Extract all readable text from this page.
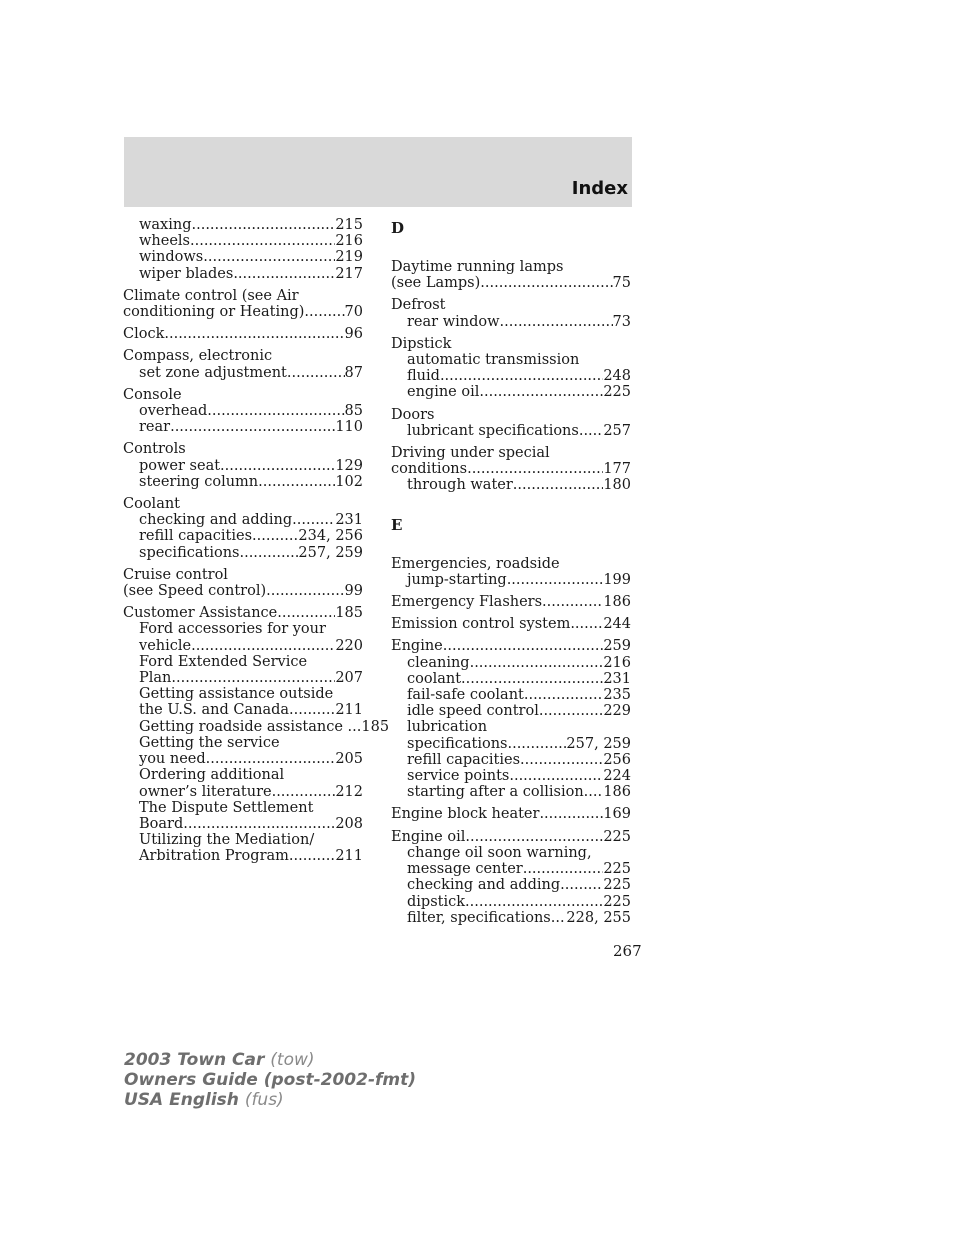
Index
waxing .....	215
wheels .....	216
windows .....	219
wiper blades .....	217
Climate control (see Air
conditioning or Heating) .....	70
Clock .....	96
Compass, electronic
set zone adjustment .....	87
Console
overhead .....	85
rear .....	110
Controls
power seat .....	129
steering column .....	102
Coolant
checking and adding .....	231
refill capacities .....	234, 256
specifications .....	257, 259
Cruise control
(see Speed control) .....	99
Customer Assistance .....	185
Ford accessories for your
vehicle .....	220
Ford Extended Service
Plan .....	207
Getting assistance outside
the U.S. and Canada .....	211
Getting roadside assistance ... 185
Getting the service
you need .....	205
Ordering additional
owner’s literature .....	212
The Dispute Settlement
Board .....	208
Utilizing the Mediation/
Arbitration Program .....	211
D
Daytime running lamps
(see Lamps) .....	75
Defrost
rear window .....	73
Dipstick
automatic transmission
fluid .....	248
engine oil .....	225
Doors
lubricant specifications ..... 257
Driving under special
conditions .....	177
through water .....	180
E
Emergencies, roadside
jump-starting .....	199
Emergency Flashers .....	186
Emission control system ..... 244
Engine .....	259
cleaning .....	216
coolant .....	231
fail-safe coolant .....	235
idle speed control .....	229
lubrication
specifications .....	257, 259
refill capacities .....	256
service points .....	224
starting after a collision ..... 186
Engine block heater .....	169
Engine oil .....	225
change oil soon warning,
message center .....	225
checking and adding .....	225
dipstick .....	225
filter, specifications ..... 228, 255
267
2003 Town Car (tow)
Owners Guide (post-2002-fmt)
USA English (fus)
